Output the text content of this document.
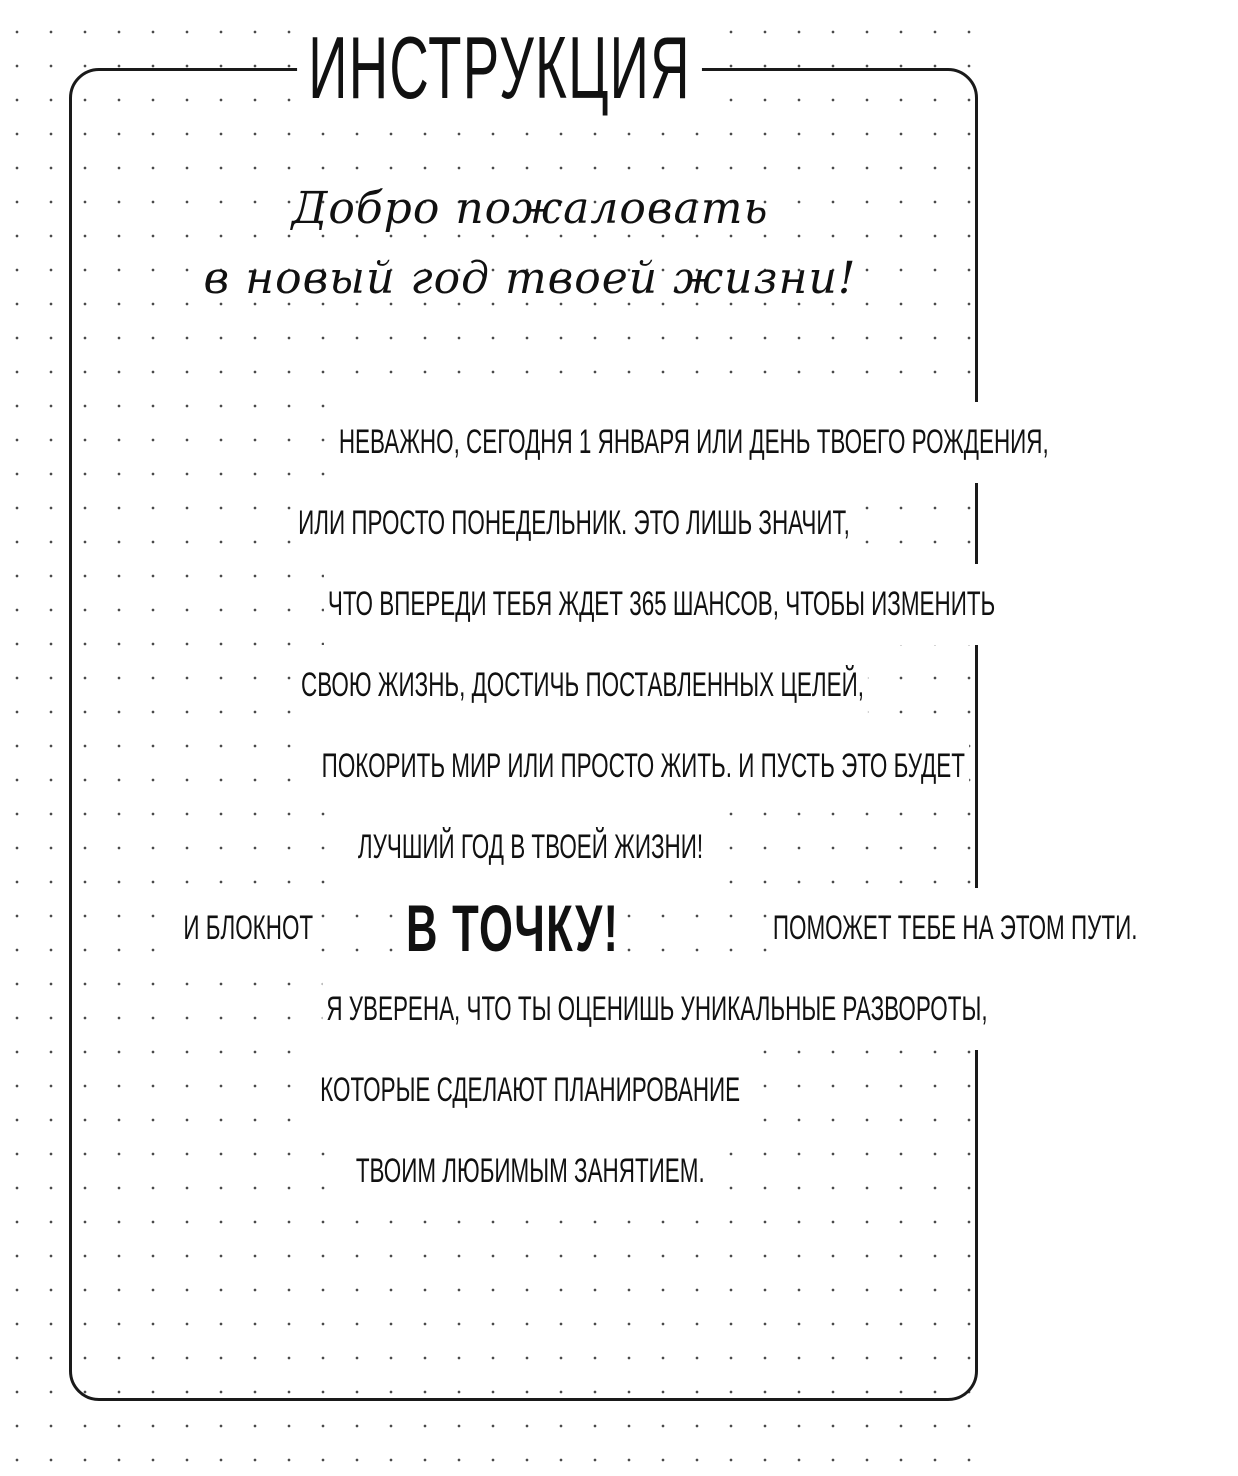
ИНСТРУКЦИЯ
Добро пожаловать
в новый год твоей жизни!
НЕВАЖНО, СЕГОДНЯ 1 ЯНВАРЯ ИЛИ ДЕНЬ ТВОЕГО РОЖДЕНИЯ,
ИЛИ ПРОСТО ПОНЕДЕЛЬНИК. ЭТО ЛИШЬ ЗНАЧИТ,
ЧТО ВПЕРЕДИ ТЕБЯ ЖДЕТ 365 ШАНСОВ, ЧТОБЫ ИЗМЕНИТЬ
СВОЮ ЖИЗНЬ, ДОСТИЧЬ ПОСТАВЛЕННЫХ ЦЕЛЕЙ,
ПОКОРИТЬ МИР ИЛИ ПРОСТО ЖИТЬ. И ПУСТЬ ЭТО БУДЕТ
ЛУЧШИЙ ГОД В ТВОЕЙ ЖИЗНИ!
И БЛОКНОТ В ТОЧКУ!	ПОМОЖЕТ ТЕБЕ НА ЭТОМ ПУТИ.
Я УВЕРЕНА, ЧТО ТЫ ОЦЕНИШЬ УНИКАЛЬНЫЕ РАЗВОРОТЫ,
КОТОРЫЕ СДЕЛАЮТ ПЛАНИРОВАНИЕ
ТВОИМ ЛЮБИМЫМ ЗАНЯТИЕМ.
